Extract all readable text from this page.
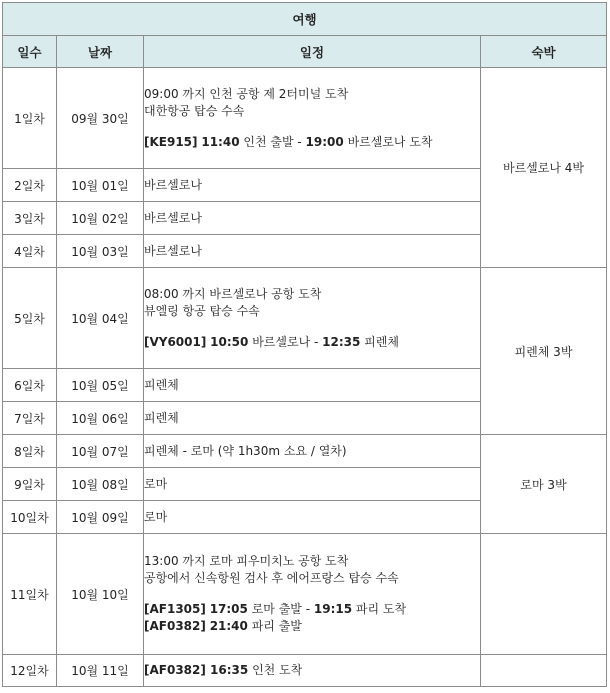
여행			
일수	날짜	일정	숙박
1일차	09월 30일	09:00 까지 인천 공항 제 2터미널 도착
대한항공 탑승 수속
[KE915] 11:40 인천 출발 - 19:00 바르셀로나 도착	바르셀로나 4박
2일차	10월 01일	바르셀로나	
3일차	10월 02일	바르셀로나	
4일차	10월 03일	바르셀로나	
5일차	10월 04일	08:00 까지 바르셀로나 공항 도착
뷰엘링 항공 탑승 수속
[VY6001] 10:50 바르셀로나 - 12:35 피렌체	피렌체 3박
6일차	10월 05일	피렌체	
7일차	10월 06일	피렌체	
8일차	10월 07일	피렌체 - 로마 (약 1h30m 소요 / 열차)	로마 3박
9일차	10월 08일	로마	
10일차	10월 09일	로마	
11일차	10월 10일	13:00 까지 로마 피우미치노 공항 도착
공항에서 신속항원 검사 후 에어프랑스 탑승 수속
[AF1305] 17:05 로마 출발 - 19:15 파리 도착
[AF0382] 21:40 파리 출발	

12일차	10월 11일	[AF0382] 16:35 인천 도착	
